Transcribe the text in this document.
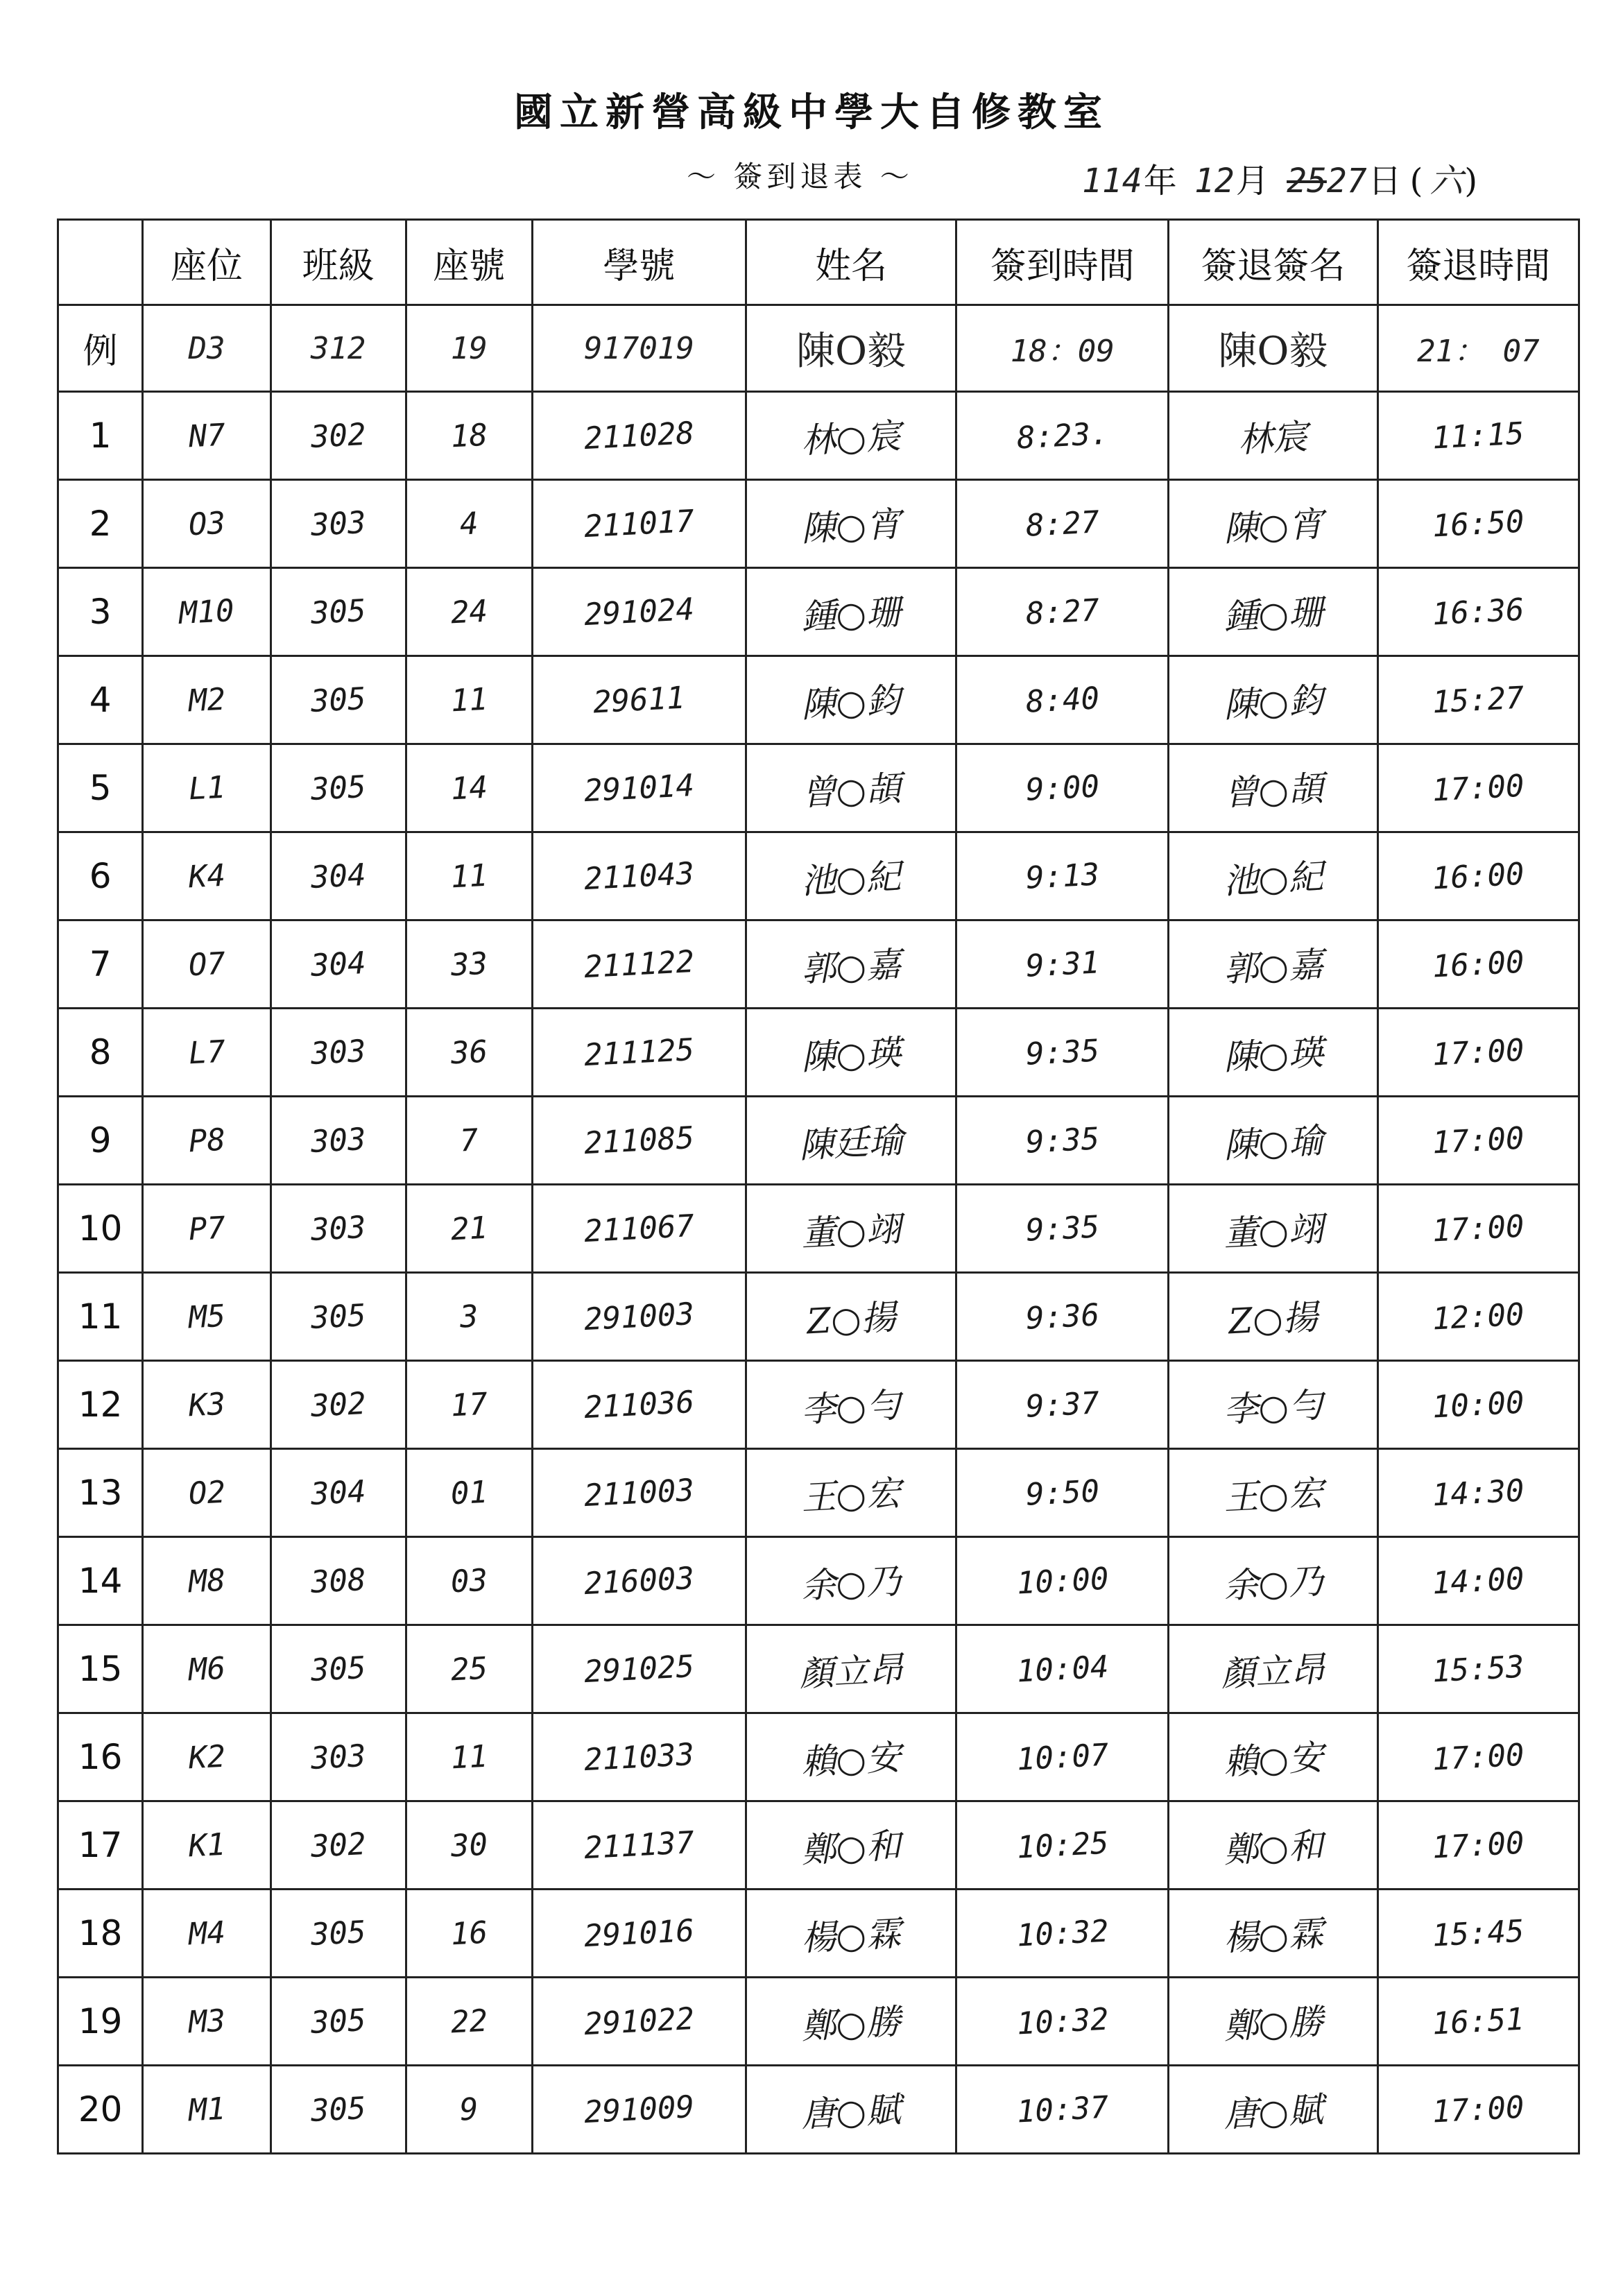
國立新營高級中學大自修教室
〜 簽到退表 〜	114年 12月 2527日 ( 六)
	座位	班級	座號	學號	姓名	簽到時間	簽退簽名	簽退時間
例	D3	312	19	917019	陳O毅	18：09	陳O毅	21： 07
1	N7	302	18	211028	林○宸	8:23.	林宸	11:15
2	O3	303	4	211017	陳○宵	8:27	陳○宵	16:50
3	M10	305	24	291024	鍾○珊	8:27	鍾○珊	16:36
4	M2	305	11	29611	陳○鈞	8:40	陳○鈞	15:27
5	L1	305	14	291014	曾○頡	9:00	曾○頡	17:00
6	K4	304	11	211043	池○紀	9:13	池○紀	16:00
7	O7	304	33	211122	郭○嘉	9:31	郭○嘉	16:00
8	L7	303	36	211125	陳○瑛	9:35	陳○瑛	17:00
9	P8	303	7	211085	陳廷瑜	9:35	陳○瑜	17:00
10	P7	303	21	211067	董○翊	9:35	董○翊	17:00
11	M5	305	3	291003	Z○揚	9:36	Z○揚	12:00
12	K3	302	17	211036	李○勻	9:37	李○勻	10:00
13	O2	304	01	211003	王○宏	9:50	王○宏	14:30
14	M8	308	03	216003	余○乃	10:00	余○乃	14:00
15	M6	305	25	291025	顏立昂	10:04	顏立昂	15:53
16	K2	303	11	211033	賴○安	10:07	賴○安	17:00
17	K1	302	30	211137	鄭○和	10:25	鄭○和	17:00
18	M4	305	16	291016	楊○霖	10:32	楊○霖	15:45
19	M3	305	22	291022	鄭○勝	10:32	鄭○勝	16:51
20	M1	305	9	291009	唐○賦	10:37	唐○賦	17:00
